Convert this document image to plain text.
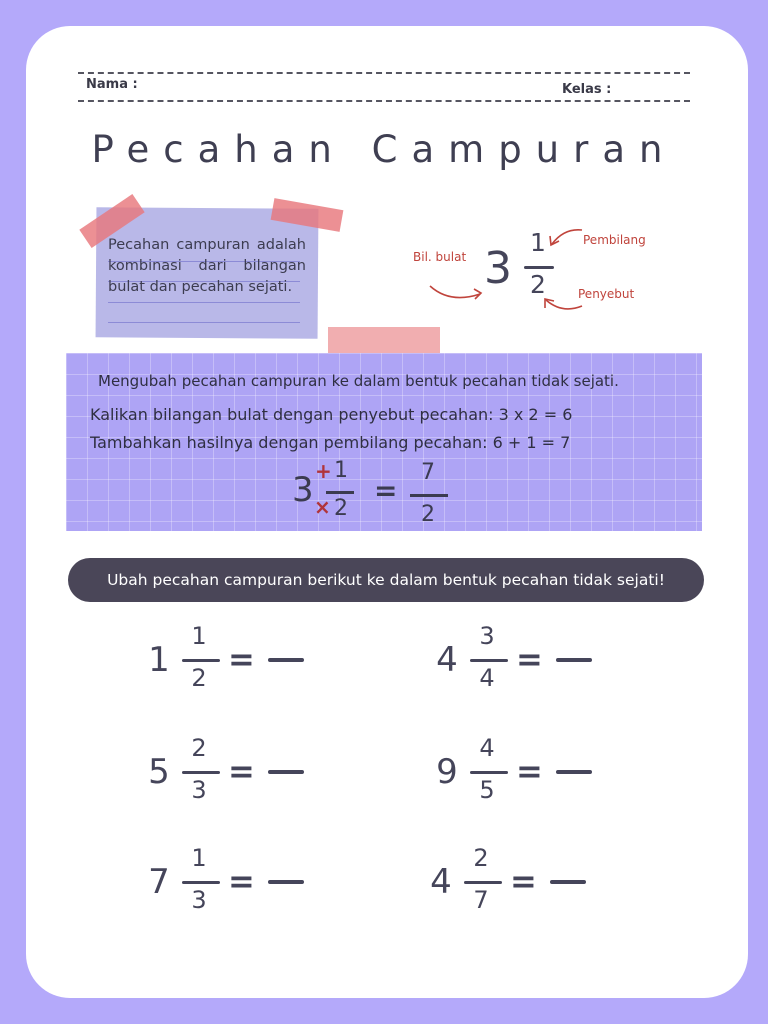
Nama :	Kelas :
Pecahan Campuran
Pecahan campuran adalah kombinasi dari bilangan bulat dan pecahan sejati.
Bil. bulat
Pembilang
Penyebut
3
1
2
Mengubah pecahan campuran ke dalam bentuk pecahan tidak sejati.
Kalikan bilangan bulat dengan penyebut pecahan: 3 x 2 = 6
Tambahkan hasilnya dengan pembilang pecahan: 6 + 1 = 7
3 +
×
1
2
=
7
2
Ubah pecahan campuran berikut ke dalam bentuk pecahan tidak sejati!
1
1
2 =	4
3
4 =
5
2
3 =	9
4
5 =
7
1
3 =	4
2
7 =
